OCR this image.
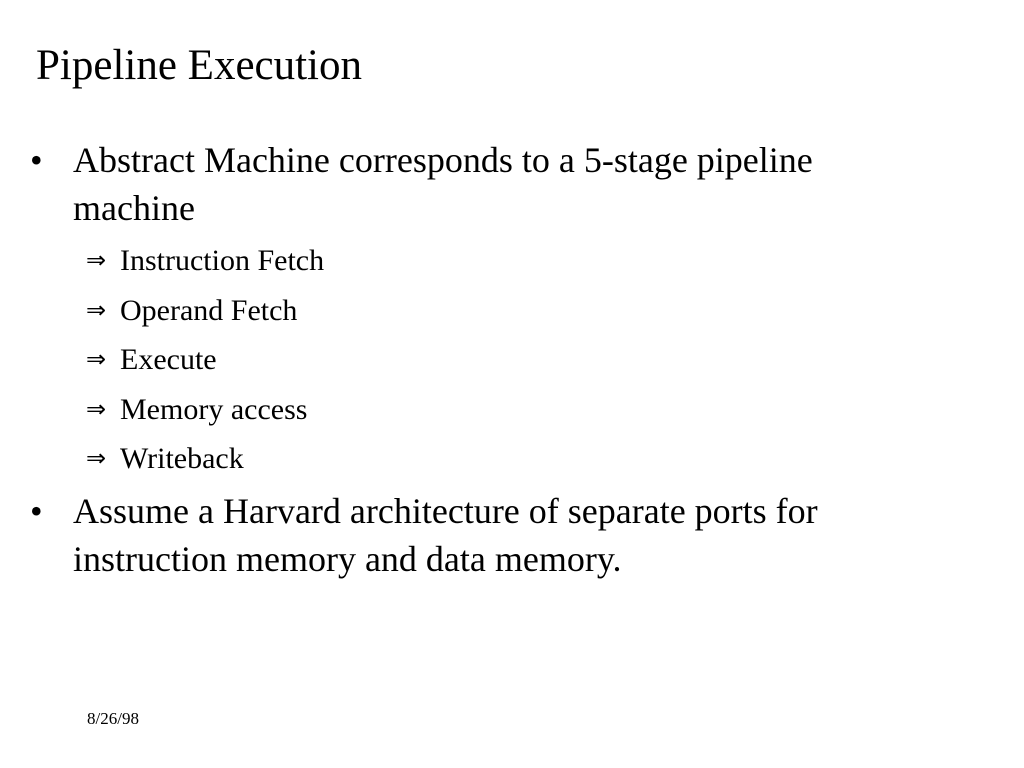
Pipeline Execution
• Abstract Machine corresponds to a 5-stage pipeline machine
⇒ Instruction Fetch
⇒ Operand Fetch
⇒ Execute
⇒ Memory access
⇒ Writeback
• Assume a Harvard architecture of separate ports for instruction memory and data memory.
8/26/98
